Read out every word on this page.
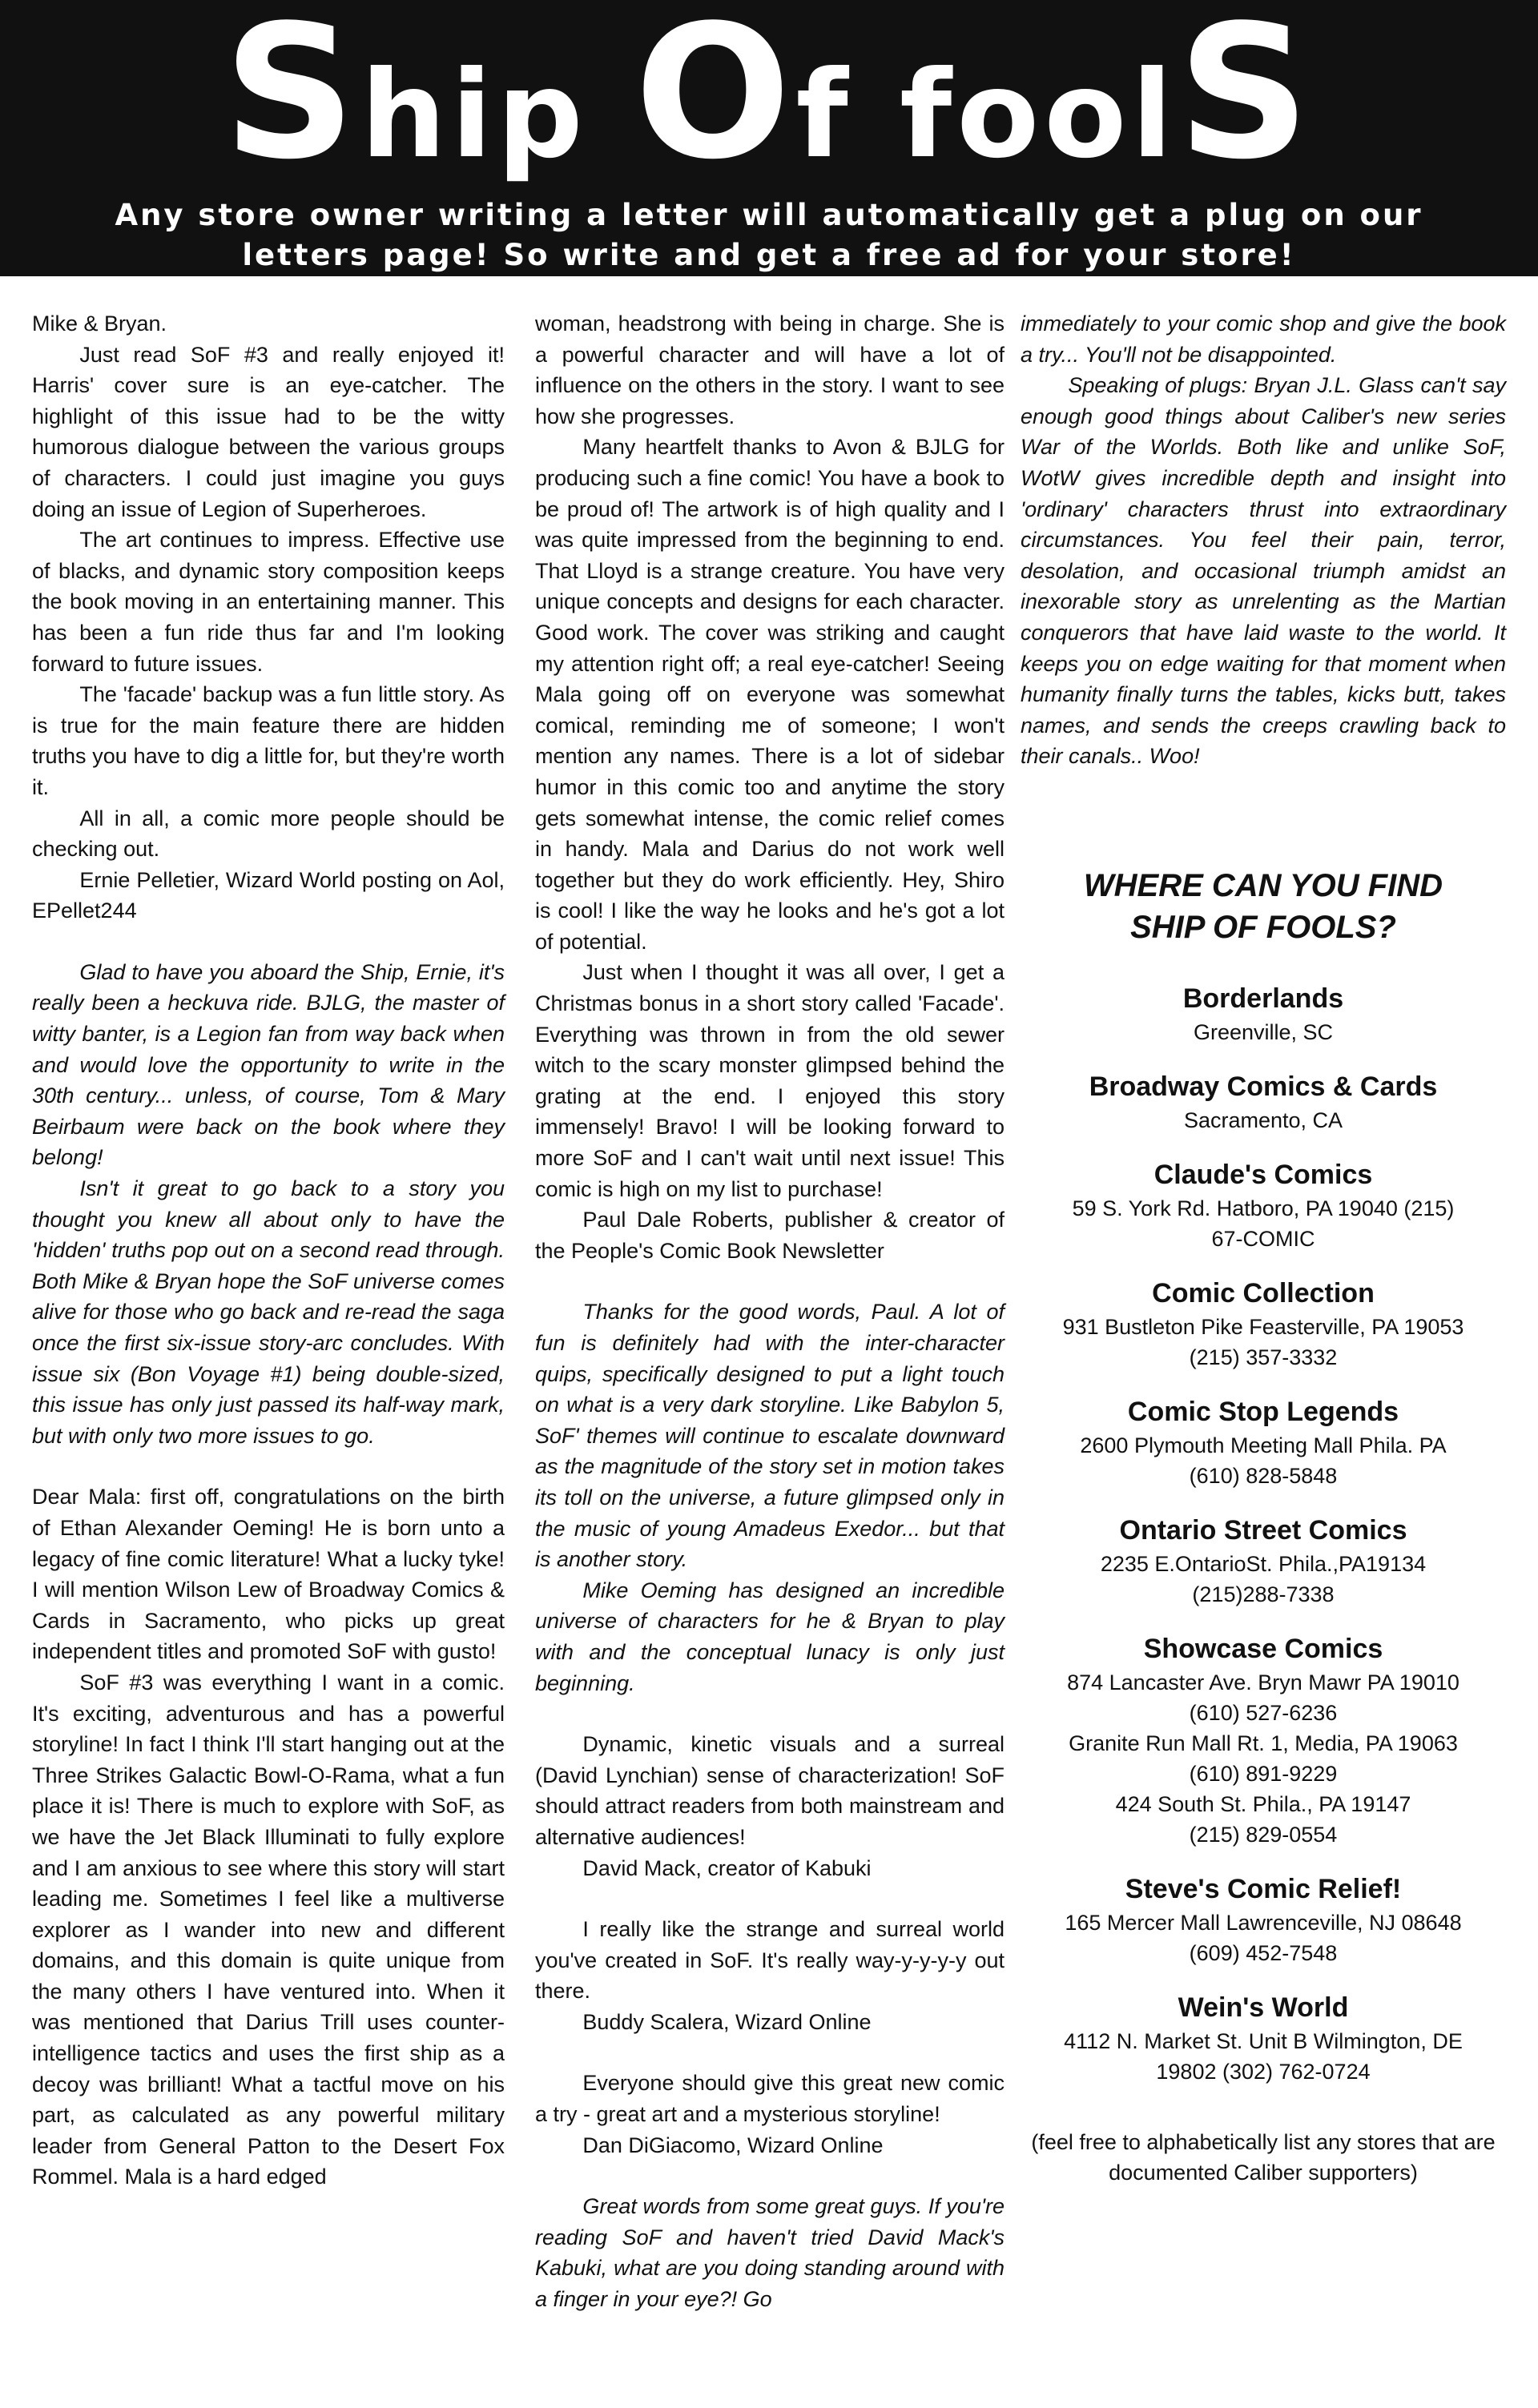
Ship Of foolS
Any store owner writing a letter will automatically get a plug on our
letters page! So write and get a free ad for your store!

Mike & Bryan.

Just read SoF #3 and really enjoyed it! Harris' cover sure is an eye-catcher. The highlight of this issue had to be the witty humorous dialogue between the various groups of characters. I could just imagine you guys doing an issue of Legion of Superheroes.

The art continues to impress. Effective use of blacks, and dynamic story composition keeps the book moving in an entertaining manner. This has been a fun ride thus far and I'm looking forward to future issues.

The 'facade' backup was a fun little story. As is true for the main feature there are hidden truths you have to dig a little for, but they're worth it.

All in all, a comic more people should be checking out.

Ernie Pelletier, Wizard World posting on Aol, EPellet244

Glad to have you aboard the Ship, Ernie, it's really been a heckuva ride. BJLG, the master of witty banter, is a Legion fan from way back when and would love the opportunity to write in the 30th century... unless, of course, Tom & Mary Beirbaum were back on the book where they belong!

Isn't it great to go back to a story you thought you knew all about only to have the 'hidden' truths pop out on a second read through. Both Mike & Bryan hope the SoF universe comes alive for those who go back and re-read the saga once the first six-issue story-arc concludes. With issue six (Bon Voyage #1) being double-sized, this issue has only just passed its half-way mark, but with only two more issues to go.

Dear Mala: first off, congratulations on the birth of Ethan Alexander Oeming! He is born unto a legacy of fine comic literature! What a lucky tyke! I will mention Wilson Lew of Broadway Comics & Cards in Sacramento, who picks up great independent titles and promoted SoF with gusto!

SoF #3 was everything I want in a comic. It's exciting, adventurous and has a powerful storyline! In fact I think I'll start hanging out at the Three Strikes Galactic Bowl-O-Rama, what a fun place it is! There is much to explore with SoF, as we have the Jet Black Illuminati to fully explore and I am anxious to see where this story will start leading me. Sometimes I feel like a multiverse explorer as I wander into new and different domains, and this domain is quite unique from the many others I have ventured into. When it was mentioned that Darius Trill uses counter-intelligence tactics and uses the first ship as a decoy was brilliant! What a tactful move on his part, as calculated as any powerful military leader from General Patton to the Desert Fox Rommel. Mala is a hard edged

woman, headstrong with being in charge. She is a powerful character and will have a lot of influence on the others in the story. I want to see how she progresses.

Many heartfelt thanks to Avon & BJLG for producing such a fine comic! You have a book to be proud of! The artwork is of high quality and I was quite impressed from the beginning to end. That Lloyd is a strange creature. You have very unique concepts and designs for each character. Good work. The cover was striking and caught my attention right off; a real eye-catcher! Seeing Mala going off on everyone was somewhat comical, reminding me of someone; I won't mention any names. There is a lot of sidebar humor in this comic too and anytime the story gets somewhat intense, the comic relief comes in handy. Mala and Darius do not work well together but they do work efficiently. Hey, Shiro is cool! I like the way he looks and he's got a lot of potential.

Just when I thought it was all over, I get a Christmas bonus in a short story called 'Facade'. Everything was thrown in from the old sewer witch to the scary monster glimpsed behind the grating at the end. I enjoyed this story immensely! Bravo! I will be looking forward to more SoF and I can't wait until next issue! This comic is high on my list to purchase!

Paul Dale Roberts, publisher & creator of the People's Comic Book Newsletter

Thanks for the good words, Paul. A lot of fun is definitely had with the inter-character quips, specifically designed to put a light touch on what is a very dark storyline. Like Babylon 5, SoF' themes will continue to escalate downward as the magnitude of the story set in motion takes its toll on the universe, a future glimpsed only in the music of young Amadeus Exedor... but that is another story.

Mike Oeming has designed an incredible universe of characters for he & Bryan to play with and the conceptual lunacy is only just beginning.

Dynamic, kinetic visuals and a surreal (David Lynchian) sense of characterization! SoF should attract readers from both mainstream and alternative audiences!

David Mack, creator of Kabuki

I really like the strange and surreal world you've created in SoF. It's really way-y-y-y-y out there.

Buddy Scalera, Wizard Online

Everyone should give this great new comic a try - great art and a mysterious storyline!

Dan DiGiacomo, Wizard Online

Great words from some great guys. If you're reading SoF and haven't tried David Mack's Kabuki, what are you doing standing around with a finger in your eye?! Go

immediately to your comic shop and give the book a try... You'll not be disappointed.

Speaking of plugs: Bryan J.L. Glass can't say enough good things about Caliber's new series War of the Worlds. Both like and unlike SoF, WotW gives incredible depth and insight into 'ordinary' characters thrust into extraordinary circumstances. You feel their pain, terror, desolation, and occasional triumph amidst an inexorable story as unrelenting as the Martian conquerors that have laid waste to the world. It keeps you on edge waiting for that moment when humanity finally turns the tables, kicks butt, takes names, and sends the creeps crawling back to their canals.. Woo!

WHERE CAN YOU FIND
SHIP OF FOOLS?
Borderlands
Greenville, SC
Broadway Comics & Cards
Sacramento, CA
Claude's Comics
59 S. York Rd. Hatboro, PA 19040 (215)
67-COMIC
Comic Collection
931 Bustleton Pike Feasterville, PA 19053
(215) 357-3332
Comic Stop Legends
2600 Plymouth Meeting Mall Phila. PA
(610) 828-5848
Ontario Street Comics
2235 E.OntarioSt. Phila.,PA19134
(215)288-7338
Showcase Comics
874 Lancaster Ave. Bryn Mawr PA 19010
(610) 527-6236
Granite Run Mall Rt. 1, Media, PA 19063
(610) 891-9229
424 South St. Phila., PA 19147
(215) 829-0554
Steve's Comic Relief!
165 Mercer Mall Lawrenceville, NJ 08648
(609) 452-7548
Wein's World
4112 N. Market St. Unit B Wilmington, DE
19802 (302) 762-0724
(feel free to alphabetically list any stores that are documented Caliber supporters)
